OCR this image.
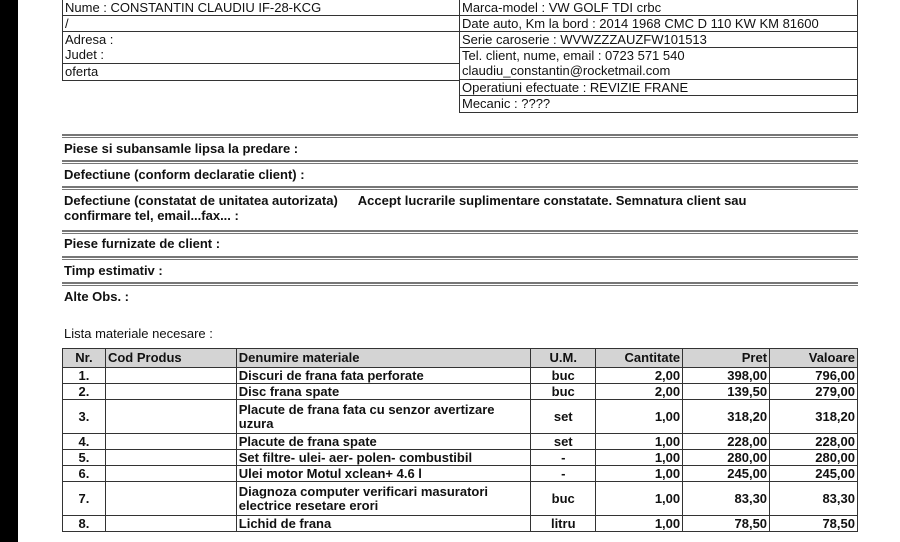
Nume : CONSTANTIN CLAUDIU IF-28-KCG
/
Adresa :
Judet :
oferta
Marca-model : VW GOLF TDI crbc
Date auto, Km la bord : 2014 1968 CMC D 110 KW KM 81600
Serie caroserie : WVWZZZAUZFW101513
Tel. client, nume, email : 0723 571 540
claudiu_constantin@rocketmail.com
Operatiuni efectuate : REVIZIE FRANE
Mecanic : ????
Piese si subansamle lipsa la predare :
Defectiune (conform declaratie client) :
Defectiune (constatat de unitatea autorizata) Accept lucrarile suplimentare constatate. Semnatura client sau
confirmare tel, email...fax... :
Piese furnizate de client :
Timp estimativ :
Alte Obs. :
Lista materiale necesare :
Nr.	Cod Produs	Denumire materiale	U.M.	Cantitate	Pret	Valoare
1.		Discuri de frana fata perforate	buc	2,00	398,00	796,00
2.		Disc frana spate	buc	2,00	139,50	279,00
3.		Placute de frana fata cu senzor avertizare uzura	set	1,00	318,20	318,20
4.		Placute de frana spate	set	1,00	228,00	228,00
5.		Set filtre- ulei- aer- polen- combustibil	-	1,00	280,00	280,00
6.		Ulei motor Motul xclean+ 4.6 l	-	1,00	245,00	245,00
7.		Diagnoza computer verificari masuratori electrice resetare erori	buc	1,00	83,30	83,30
8.		Lichid de frana	litru	1,00	78,50	78,50
